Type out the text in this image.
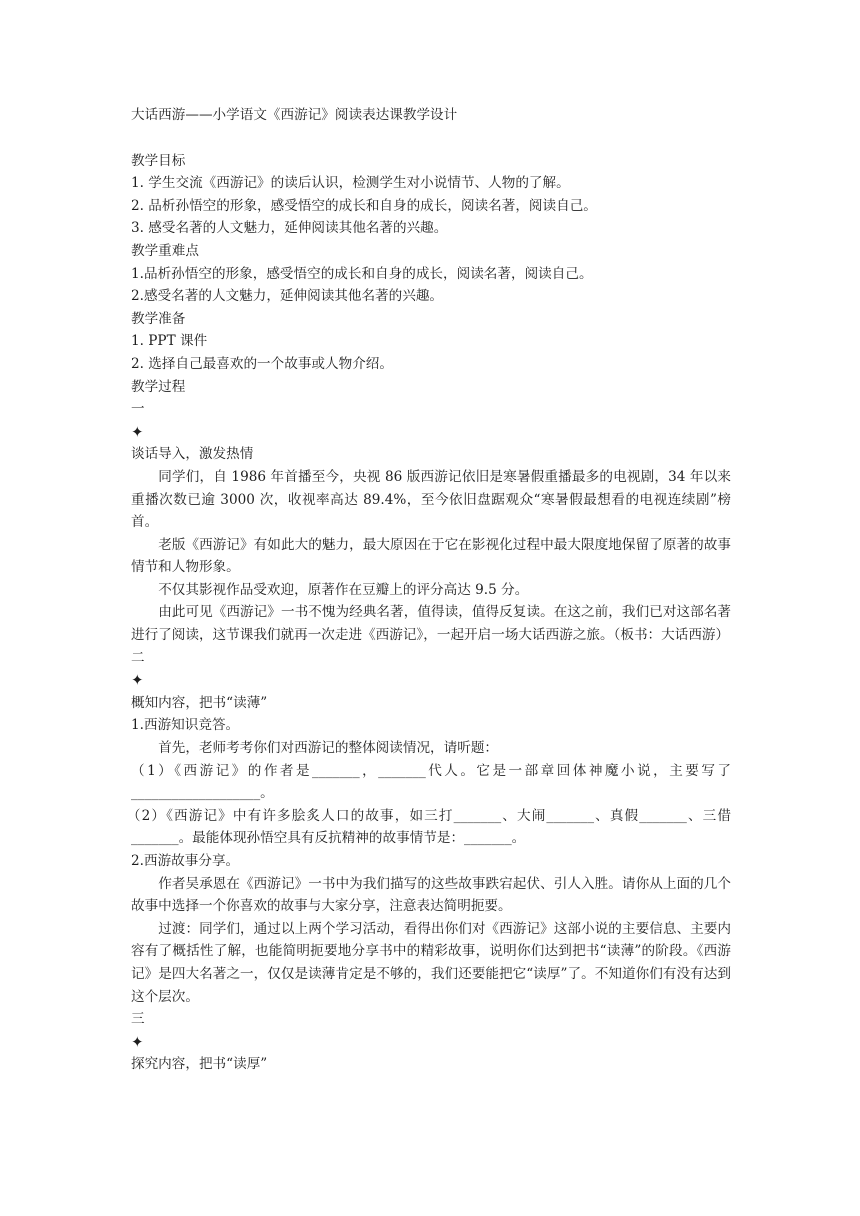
大话西游——小学语文《西游记》阅读表达课教学设计
教学目标
1. 学生交流《西游记》的读后认识，检测学生对小说情节、人物的了解。
2. 品析孙悟空的形象，感受悟空的成长和自身的成长，阅读名著，阅读自己。
3. 感受名著的人文魅力，延伸阅读其他名著的兴趣。
教学重难点
1.品析孙悟空的形象，感受悟空的成长和自身的成长，阅读名著，阅读自己。
2.感受名著的人文魅力，延伸阅读其他名著的兴趣。
教学准备
1. PPT 课件
2. 选择自己最喜欢的一个故事或人物介绍。
教学过程
一
✦
谈话导入，激发热情
同学们，自 1986 年首播至今，央视 86 版西游记依旧是寒暑假重播最多的电视剧，34 年以来重播次数已逾 3000 次，收视率高达 89.4%，至今依旧盘踞观众“寒暑假最想看的电视连续剧”榜首。
老版《西游记》有如此大的魅力，最大原因在于它在影视化过程中最大限度地保留了原著的故事情节和人物形象。
不仅其影视作品受欢迎，原著作在豆瓣上的评分高达 9.5 分。
由此可见《西游记》一书不愧为经典名著，值得读，值得反复读。在这之前，我们已对这部名著进行了阅读，这节课我们就再一次走进《西游记》，一起开启一场大话西游之旅。（板书：大话西游）
二
✦
概知内容，把书“读薄”
1.西游知识竞答。
首先，老师考考你们对西游记的整体阅读情况，请听题：
（1）《西游记》的作者是_______，_______代人。它是一部章回体神魔小说，主要写了___________________。
（2）《西游记》中有许多脍炙人口的故事，如三打_______、大闹_______、真假_______、三借_______。最能体现孙悟空具有反抗精神的故事情节是：_______。
2.西游故事分享。
作者吴承恩在《西游记》一书中为我们描写的这些故事跌宕起伏、引人入胜。请你从上面的几个故事中选择一个你喜欢的故事与大家分享，注意表达简明扼要。
过渡：同学们，通过以上两个学习活动，看得出你们对《西游记》这部小说的主要信息、主要内容有了概括性了解，也能简明扼要地分享书中的精彩故事，说明你们达到把书“读薄”的阶段。《西游记》是四大名著之一，仅仅是读薄肯定是不够的，我们还要能把它“读厚”了。不知道你们有没有达到这个层次。
三
✦
探究内容，把书“读厚”
